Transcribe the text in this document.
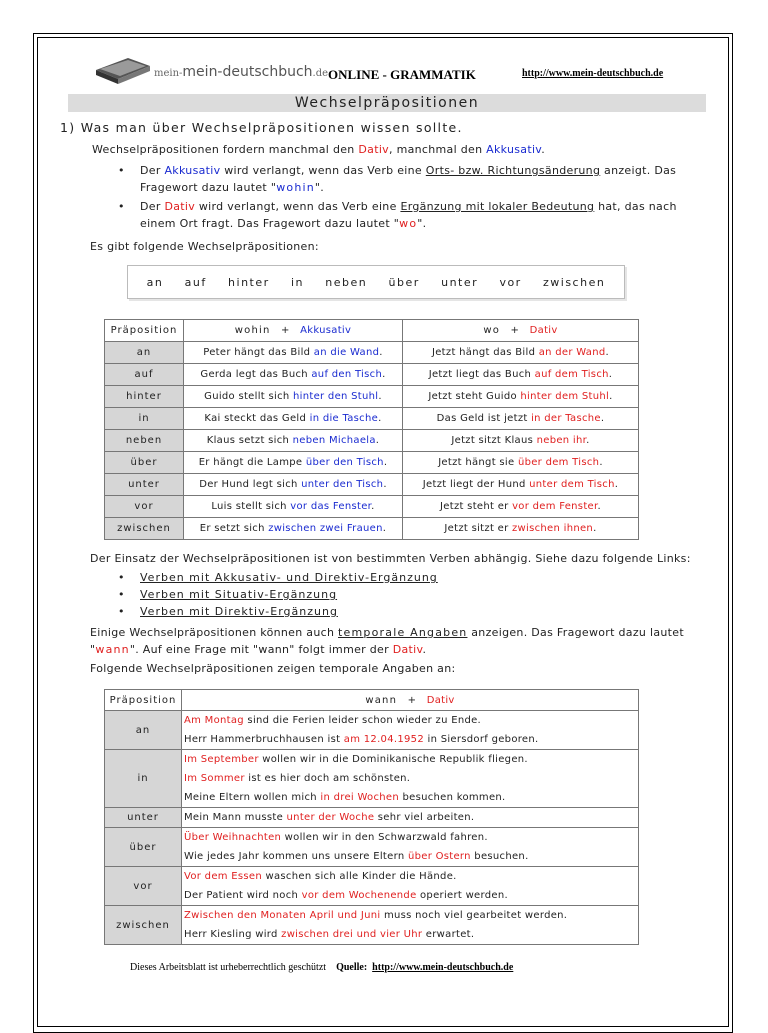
mein-mein-deutschbuch.de ONLINE - GRAMMATIK	http://www.mein-deutschbuch.de
Wechselpräpositionen
1) Was man über Wechselpräpositionen wissen sollte.
Wechselpräpositionen fordern manchmal den Dativ, manchmal den Akkusativ.
• Der Akkusativ wird verlangt, wenn das Verb eine Orts- bzw. Richtungsänderung anzeigt. Das Fragewort dazu lautet "wohin".
• Der Dativ wird verlangt, wenn das Verb eine Ergänzung mit lokaler Bedeutung hat, das nach einem Ort fragt. Das Fragewort dazu lautet "wo".
Es gibt folgende Wechselpräpositionen:
an auf hinter in neben über unter vor zwischen
Präposition	wohin + Akkusativ	wo + Dativ
an	Peter hängt das Bild an die Wand.	Jetzt hängt das Bild an der Wand.
auf	Gerda legt das Buch auf den Tisch.	Jetzt liegt das Buch auf dem Tisch.
hinter	Guido stellt sich hinter den Stuhl.	Jetzt steht Guido hinter dem Stuhl.
in	Kai steckt das Geld in die Tasche.	Das Geld ist jetzt in der Tasche.
neben	Klaus setzt sich neben Michaela.	Jetzt sitzt Klaus neben ihr.
über	Er hängt die Lampe über den Tisch.	Jetzt hängt sie über dem Tisch.
unter	Der Hund legt sich unter den Tisch.	Jetzt liegt der Hund unter dem Tisch.
vor	Luis stellt sich vor das Fenster.	Jetzt steht er vor dem Fenster.
zwischen	Er setzt sich zwischen zwei Frauen.	Jetzt sitzt er zwischen ihnen.
Der Einsatz der Wechselpräpositionen ist von bestimmten Verben abhängig. Siehe dazu folgende Links:
• Verben mit Akkusativ- und Direktiv-Ergänzung
• Verben mit Situativ-Ergänzung
• Verben mit Direktiv-Ergänzung
Einige Wechselpräpositionen können auch temporale Angaben anzeigen. Das Fragewort dazu lautet "wann". Auf eine Frage mit "wann" folgt immer der Dativ.
Folgende Wechselpräpositionen zeigen temporale Angaben an:
Präposition	wann + Dativ
an	Am Montag sind die Ferien leider schon wieder zu Ende.
Herr Hammerbruchhausen ist am 12.04.1952 in Siersdorf geboren.

in	Im September wollen wir in die Dominikanische Republik fliegen.
Im Sommer ist es hier doch am schönsten.
Meine Eltern wollen mich in drei Wochen besuchen kommen.

unter	Mein Mann musste unter der Woche sehr viel arbeiten.

über	Über Weihnachten wollen wir in den Schwarzwald fahren.
Wie jedes Jahr kommen uns unsere Eltern über Ostern besuchen.

vor	Vor dem Essen waschen sich alle Kinder die Hände.
Der Patient wird noch vor dem Wochenende operiert werden.

zwischen	Zwischen den Monaten April und Juni muss noch viel gearbeitet werden.
Herr Kiesling wird zwischen drei und vier Uhr erwartet.
Dieses Arbeitsblatt ist urheberrechtlich geschützt Quelle: http://www.mein-deutschbuch.de
